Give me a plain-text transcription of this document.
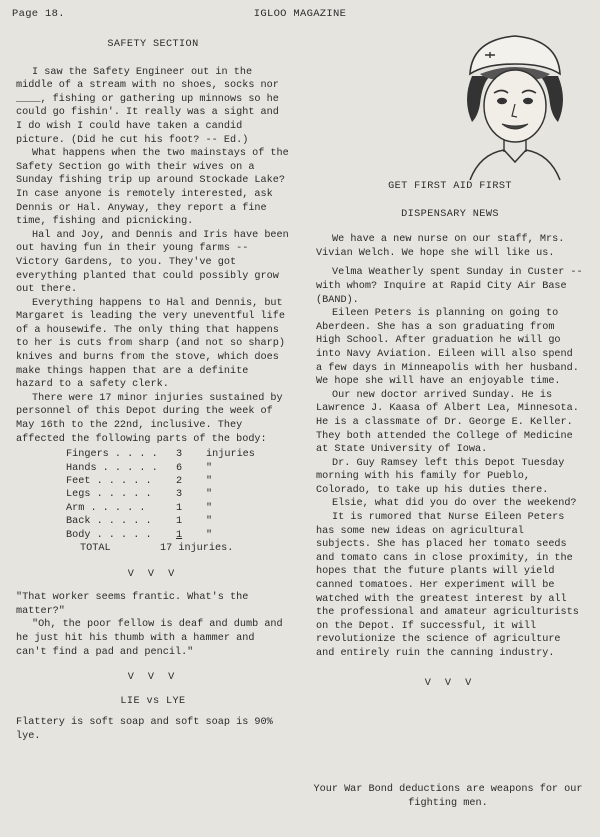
Page 18.	IGLOO MAGAZINE
SAFETY SECTION

I saw the Safety Engineer out in the middle of a stream with no shoes, socks nor ____, fishing or gathering up minnows so he could go fishin'. It really was a sight and I do wish I could have taken a candid picture. (Did he cut his foot? -- Ed.)

What happens when the two mainstays of the Safety Section go with their wives on a Sunday fishing trip up around Stockade Lake? In case anyone is remotely interested, ask Dennis or Hal. Anyway, they report a fine time, fishing and picnicking.

Hal and Joy, and Dennis and Iris have been out having fun in their young farms --Victory Gardens, to you. They've got everything planted that could possibly grow out there.

Everything happens to Hal and Dennis, but Margaret is leading the very uneventful life of a housewife. The only thing that happens to her is cuts from sharp (and not so sharp) knives and burns from the stove, which does make things happen that are a definite hazard to a safety clerk.

There were 17 minor injuries sustained by personnel of this Depot during the week of May 16th to the 22nd, inclusive. They affected the following parts of the body:

Fingers . . . .	3	injuries
Hands . . . . .	6	"
Feet . . . . .	2	"
Legs . . . . .	3	"
Arm . . . . .	1	"
Back . . . . .	1	"
Body . . . . .	1	"
TOTAL	17 injuries.
V V V

"That worker seems frantic. What's the matter?"

"Oh, the poor fellow is deaf and dumb and he just hit his thumb with a hammer and can't find a pad and pencil."

V V V
LIE vs LYE

Flattery is soft soap and soft soap is 90% lye.

GET FIRST AID FIRST
DISPENSARY NEWS

We have a new nurse on our staff, Mrs. Vivian Welch. We hope she will like us.

Velma Weatherly spent Sunday in Custer --with whom? Inquire at Rapid City Air Base (BAND).

Eileen Peters is planning on going to Aberdeen. She has a son graduating from High School. After graduation he will go into Navy Aviation. Eileen will also spend a few days in Minneapolis with her husband. We hope she will have an enjoyable time.

Our new doctor arrived Sunday. He is Lawrence J. Kaasa of Albert Lea, Minnesota. He is a classmate of Dr. George E. Keller. They both attended the College of Medicine at State University of Iowa.

Dr. Guy Ramsey left this Depot Tuesday morning with his family for Pueblo, Colorado, to take up his duties there.

Elsie, what did you do over the weekend?

It is rumored that Nurse Eileen Peters has some new ideas on agricultural subjects. She has placed her tomato seeds and tomato cans in close proximity, in the hopes that the future plants will yield canned tomatoes. Her experiment will be watched with the greatest interest by all the professional and amateur agriculturists on the Depot. If successful, it will revolutionize the science of agriculture and entirely ruin the canning industry.

V V V
Your War Bond deductions are weapons for our fighting men.
